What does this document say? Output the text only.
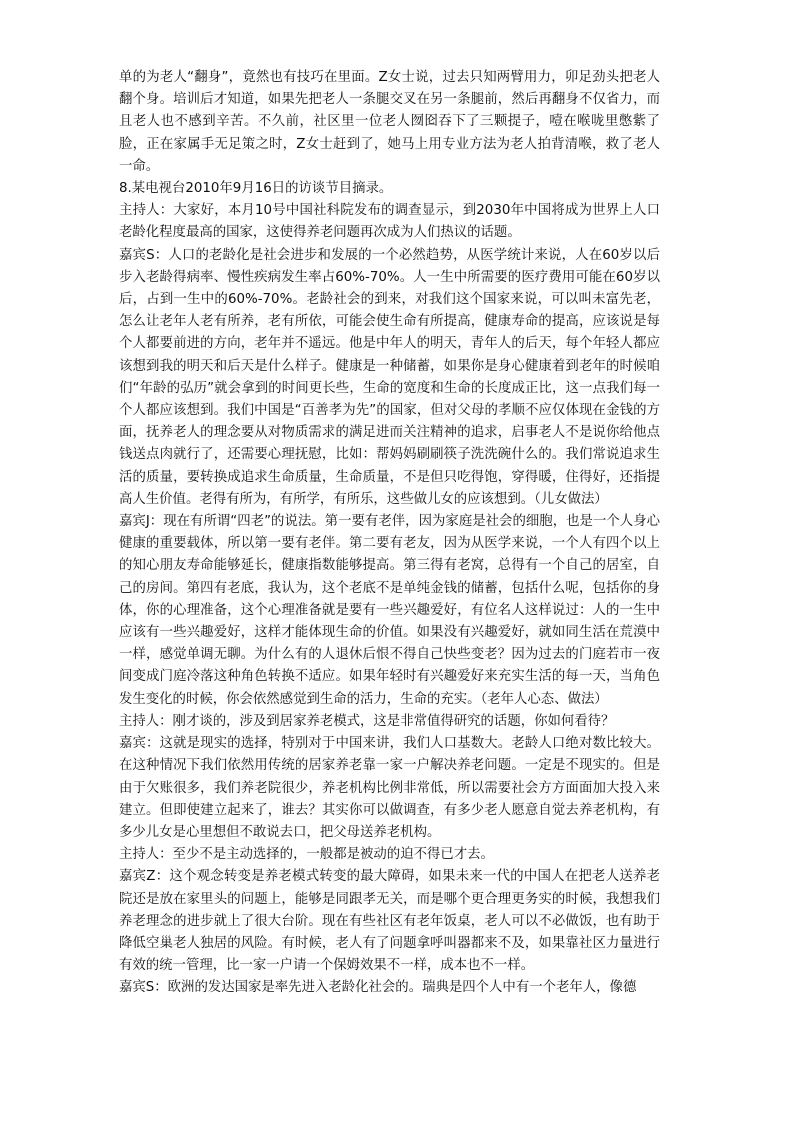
单的为老人“翻身”，竟然也有技巧在里面。Z女士说，过去只知两臂用力，卯足劲头把老人翻个身。培训后才知道，如果先把老人一条腿交叉在另一条腿前，然后再翻身不仅省力，而且老人也不感到辛苦。不久前，社区里一位老人囫囵吞下了三颗提子，噎在喉咙里憋紫了脸，正在家属手无足策之时，Z女士赶到了，她马上用专业方法为老人拍背清喉，救了老人一命。

8.某电视台2010年9月16日的访谈节目摘录。

主持人：大家好，本月10号中国社科院发布的调查显示，到2030年中国将成为世界上人口老龄化程度最高的国家，这使得养老问题再次成为人们热议的话题。

嘉宾S：人口的老龄化是社会进步和发展的一个必然趋势，从医学统计来说，人在60岁以后步入老龄得病率、慢性疾病发生率占60%-70%。人一生中所需要的医疗费用可能在60岁以后，占到一生中的60%-70%。老龄社会的到来，对我们这个国家来说，可以叫未富先老，怎么让老年人老有所养，老有所依，可能会使生命有所提高，健康寿命的提高，应该说是每个人都要前进的方向，老年并不遥远。他是中年人的明天，青年人的后天，每个年轻人都应该想到我的明天和后天是什么样子。健康是一种储蓄，如果你是身心健康着到老年的时候咱们“年龄的弘历”就会拿到的时间更长些，生命的宽度和生命的长度成正比，这一点我们每一个人都应该想到。我们中国是“百善孝为先”的国家，但对父母的孝顺不应仅体现在金钱的方面，抚养老人的理念要从对物质需求的满足进而关注精神的追求，启事老人不是说你给他点钱送点肉就行了，还需要心理抚慰，比如：帮妈妈刷刷筷子洗洗碗什么的。我们常说追求生活的质量，要转换成追求生命质量，生命质量，不是但只吃得饱，穿得暖，住得好，还指提高人生价值。老得有所为，有所学，有所乐，这些做儿女的应该想到。（儿女做法）

嘉宾J：现在有所谓“四老”的说法。第一要有老伴，因为家庭是社会的细胞，也是一个人身心健康的重要载体，所以第一要有老伴。第二要有老友，因为从医学来说，一个人有四个以上的知心朋友寿命能够延长，健康指数能够提高。第三得有老窝，总得有一个自己的居室，自己的房间。第四有老底，我认为，这个老底不是单纯金钱的储蓄，包括什么呢，包括你的身体，你的心理准备，这个心理准备就是要有一些兴趣爱好，有位名人这样说过：人的一生中应该有一些兴趣爱好，这样才能体现生命的价值。如果没有兴趣爱好，就如同生活在荒漠中一样，感觉单调无聊。为什么有的人退休后恨不得自己快些变老？因为过去的门庭若市一夜间变成门庭冷落这种角色转换不适应。如果年轻时有兴趣爱好来充实生活的每一天，当角色发生变化的时候，你会依然感觉到生命的活力，生命的充实。（老年人心态、做法）

主持人：刚才谈的，涉及到居家养老模式，这是非常值得研究的话题，你如何看待？

嘉宾：这就是现实的选择，特别对于中国来讲，我们人口基数大。老龄人口绝对数比较大。在这种情况下我们依然用传统的居家养老靠一家一户解决养老问题。一定是不现实的。但是由于欠账很多，我们养老院很少，养老机构比例非常低，所以需要社会方方面面加大投入来建立。但即使建立起来了，谁去？其实你可以做调查，有多少老人愿意自觉去养老机构，有多少儿女是心里想但不敢说去口，把父母送养老机构。

主持人：至少不是主动选择的，一般都是被动的迫不得已才去。

嘉宾Z：这个观念转变是养老模式转变的最大障碍，如果未来一代的中国人在把老人送养老院还是放在家里头的问题上，能够是同跟孝无关，而是哪个更合理更务实的时候，我想我们养老理念的进步就上了很大台阶。现在有些社区有老年饭桌，老人可以不必做饭，也有助于降低空巢老人独居的风险。有时候，老人有了问题拿呼叫器都来不及，如果靠社区力量进行有效的统一管理，比一家一户请一个保姆效果不一样，成本也不一样。

嘉宾S：欧洲的发达国家是率先进入老龄化社会的。瑞典是四个人中有一个老年人，像德
